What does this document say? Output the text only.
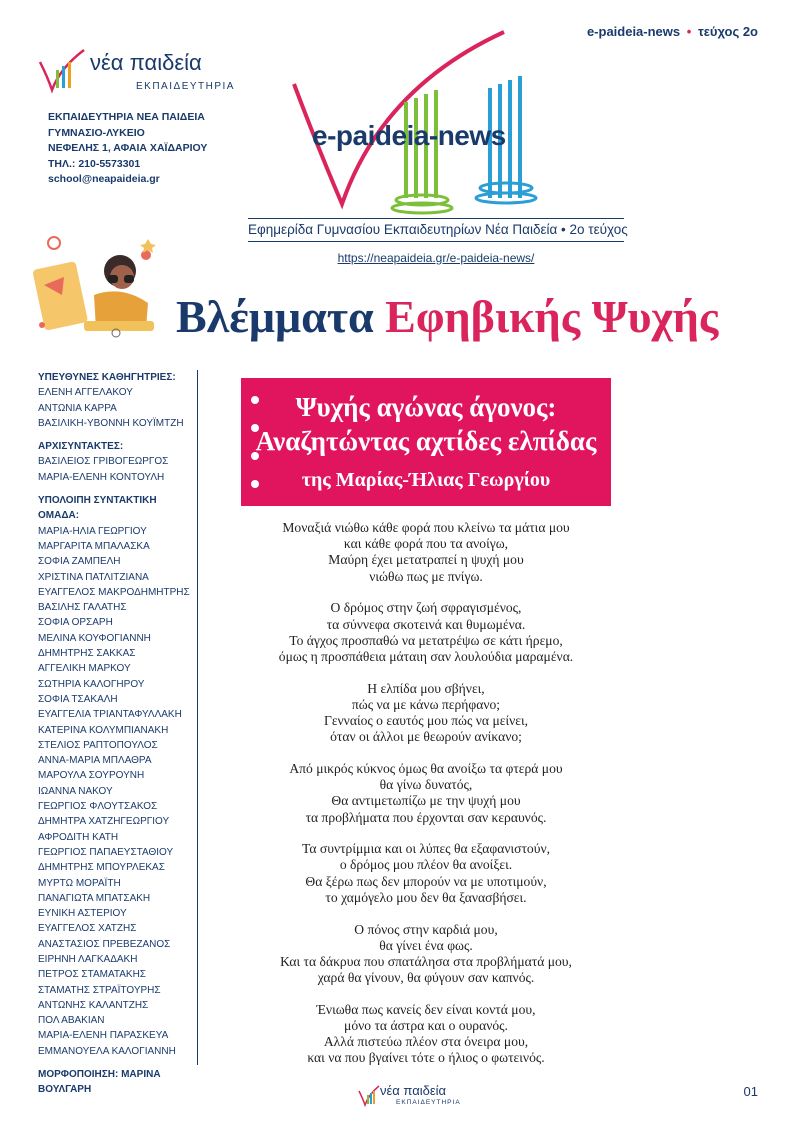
e-paideia-news • τεύχος 2ο
νέα παιδεία
ΕΚΠΑΙΔΕΥΤΗΡΙΑ
ΕΚΠΑΙΔΕΥΤΗΡΙΑ ΝΕΑ ΠΑΙΔΕΙΑ
ΓΥΜΝΑΣΙΟ-ΛΥΚΕΙΟ
ΝΕΦΕΛΗΣ 1, ΑΦΑΙΑ ΧΑΪΔΑΡΙΟΥ
ΤΗΛ.: 210-5573301
school@neapaideia.gr
e-paideia-news
Εφημερίδα Γυμνασίου Εκπαιδευτηρίων Νέα Παιδεία • 2ο τεύχος
https://neapaideia.gr/e-paideia-news/
Βλέμματα Εφηβικής Ψυχής
ΥΠΕΥΘΥΝΕΣ ΚΑΘΗΓΗΤΡΙΕΣ:
ΕΛΕΝΗ ΑΓΓΕΛΑΚΟΥ
ΑΝΤΩΝΙΑ ΚΑΡΡΑ
ΒΑΣΙΛΙΚΗ-ΥΒΟΝΝΗ ΚΟΥΪΜΤΖΗ
ΑΡΧΙΣΥΝΤΑΚΤΕΣ:
ΒΑΣΙΛΕΙΟΣ ΓΡΙΒΟΓΕΩΡΓΟΣ
ΜΑΡΙΑ-ΕΛΕΝΗ ΚΟΝΤΟΥΛΗ
ΥΠΟΛΟΙΠΗ ΣΥΝΤΑΚΤΙΚΗ ΟΜΑΔΑ:
ΜΑΡΙΑ-ΗΛΙΑ ΓΕΩΡΓΙΟΥ
ΜΑΡΓΑΡΙΤΑ ΜΠΑΛΑΣΚΑ
ΣΟΦΙΑ ΖΑΜΠΕΛΗ
ΧΡΙΣΤΙΝΑ ΠΑΤΛΙΤΖΙΑΝΑ
ΕΥΑΓΓΕΛΟΣ ΜΑΚΡΟΔΗΜΗΤΡΗΣ
ΒΑΣΙΛΗΣ ΓΑΛΑΤΗΣ
ΣΟΦΙΑ ΟΡΣΑΡΗ
ΜΕΛΙΝΑ ΚΟΥΦΟΓΙΑΝΝΗ
ΔΗΜΗΤΡΗΣ ΣΑΚΚΑΣ
ΑΓΓΕΛΙΚΗ ΜΑΡΚΟΥ
ΣΩΤΗΡΙΑ ΚΑΛΟΓΗΡΟΥ
ΣΟΦΙΑ ΤΣΑΚΑΛΗ
ΕΥΑΓΓΕΛΙΑ ΤΡΙΑΝΤΑΦΥΛΛΑΚΗ
ΚΑΤΕΡΙΝΑ ΚΟΛΥΜΠΙΑΝΑΚΗ
ΣΤΕΛΙΟΣ ΡΑΠΤΟΠΟΥΛΟΣ
ΑΝΝΑ-ΜΑΡΙΑ ΜΠΛΑΘΡΑ
ΜΑΡΟΥΛΑ ΣΟΥΡΟΥΝΗ
ΙΩΑΝΝΑ ΝΑΚΟΥ
ΓΕΩΡΓΙΟΣ ΦΛΟΥΤΣΑΚΟΣ
ΔΗΜΗΤΡΑ ΧΑΤΖΗΓΕΩΡΓΙΟΥ
ΑΦΡΟΔΙΤΗ ΚΑΤΗ
ΓΕΩΡΓΙΟΣ ΠΑΠΑΕΥΣΤΑΘΙΟΥ
ΔΗΜΗΤΡΗΣ ΜΠΟΥΡΛΕΚΑΣ
ΜΥΡΤΩ ΜΟΡΑΪΤΗ
ΠΑΝΑΓΙΩΤΑ ΜΠΑΤΣΑΚΗ
ΕΥΝΙΚΗ ΑΣΤΕΡΙΟΥ
ΕΥΑΓΓΕΛΟΣ ΧΑΤΖΗΣ
ΑΝΑΣΤΑΣΙΟΣ ΠΡΕΒΕΖΑΝΟΣ
ΕΙΡΗΝΗ ΛΑΓΚΑΔΑΚΗ
ΠΕΤΡΟΣ ΣΤΑΜΑΤΑΚΗΣ
ΣΤΑΜΑΤΗΣ ΣΤΡΑΪΤΟΥΡΗΣ
ΑΝΤΩΝΗΣ ΚΑΛΑΝΤΖΗΣ
ΠΟΛ ΑΒΑΚΙΑΝ
ΜΑΡΙΑ-ΕΛΕΝΗ ΠΑΡΑΣΚΕΥΑ
ΕΜΜΑΝΟΥΕΛΑ ΚΑΛΟΓΙΑΝΝΗ
ΜΟΡΦΟΠΟΙΗΣΗ: ΜΑΡΙΝΑ ΒΟΥΛΓΑΡΗ
Ψυχής αγώνας άγονος:
Αναζητώντας αχτίδες ελπίδας
της Μαρίας-Ήλιας Γεωργίου
Μοναξιά νιώθω κάθε φορά που κλείνω τα μάτια μου
και κάθε φορά που τα ανοίγω,
Μαύρη έχει μετατραπεί η ψυχή μου
νιώθω πως με πνίγω.
Ο δρόμος στην ζωή σφραγισμένος,
τα σύννεφα σκοτεινά και θυμωμένα.
Το άγχος προσπαθώ να μετατρέψω σε κάτι ήρεμο,
όμως η προσπάθεια μάταιη σαν λουλούδια μαραμένα.
Η ελπίδα μου σβήνει,
πώς να με κάνω περήφανο;
Γενναίος ο εαυτός μου πώς να μείνει,
όταν οι άλλοι με θεωρούν ανίκανο;
Από μικρός κύκνος όμως θα ανοίξω τα φτερά μου
θα γίνω δυνατός,
Θα αντιμετωπίζω με την ψυχή μου
τα προβλήματα που έρχονται σαν κεραυνός.
Τα συντρίμμια και οι λύπες θα εξαφανιστούν,
ο δρόμος μου πλέον θα ανοίξει.
Θα ξέρω πως δεν μπορούν να με υποτιμούν,
το χαμόγελο μου δεν θα ξανασβήσει.
Ο πόνος στην καρδιά μου,
θα γίνει ένα φως.
Και τα δάκρυα που σπατάλησα στα προβλήματά μου,
χαρά θα γίνουν, θα φύγουν σαν καπνός.
Ένιωθα πως κανείς δεν είναι κοντά μου,
μόνο τα άστρα και ο ουρανός.
Αλλά πιστεύω πλέον στα όνειρα μου,
και να που βγαίνει τότε ο ήλιος ο φωτεινός.
νέα παιδεία
ΕΚΠΑΙΔΕΥΤΗΡΙΑ
01
